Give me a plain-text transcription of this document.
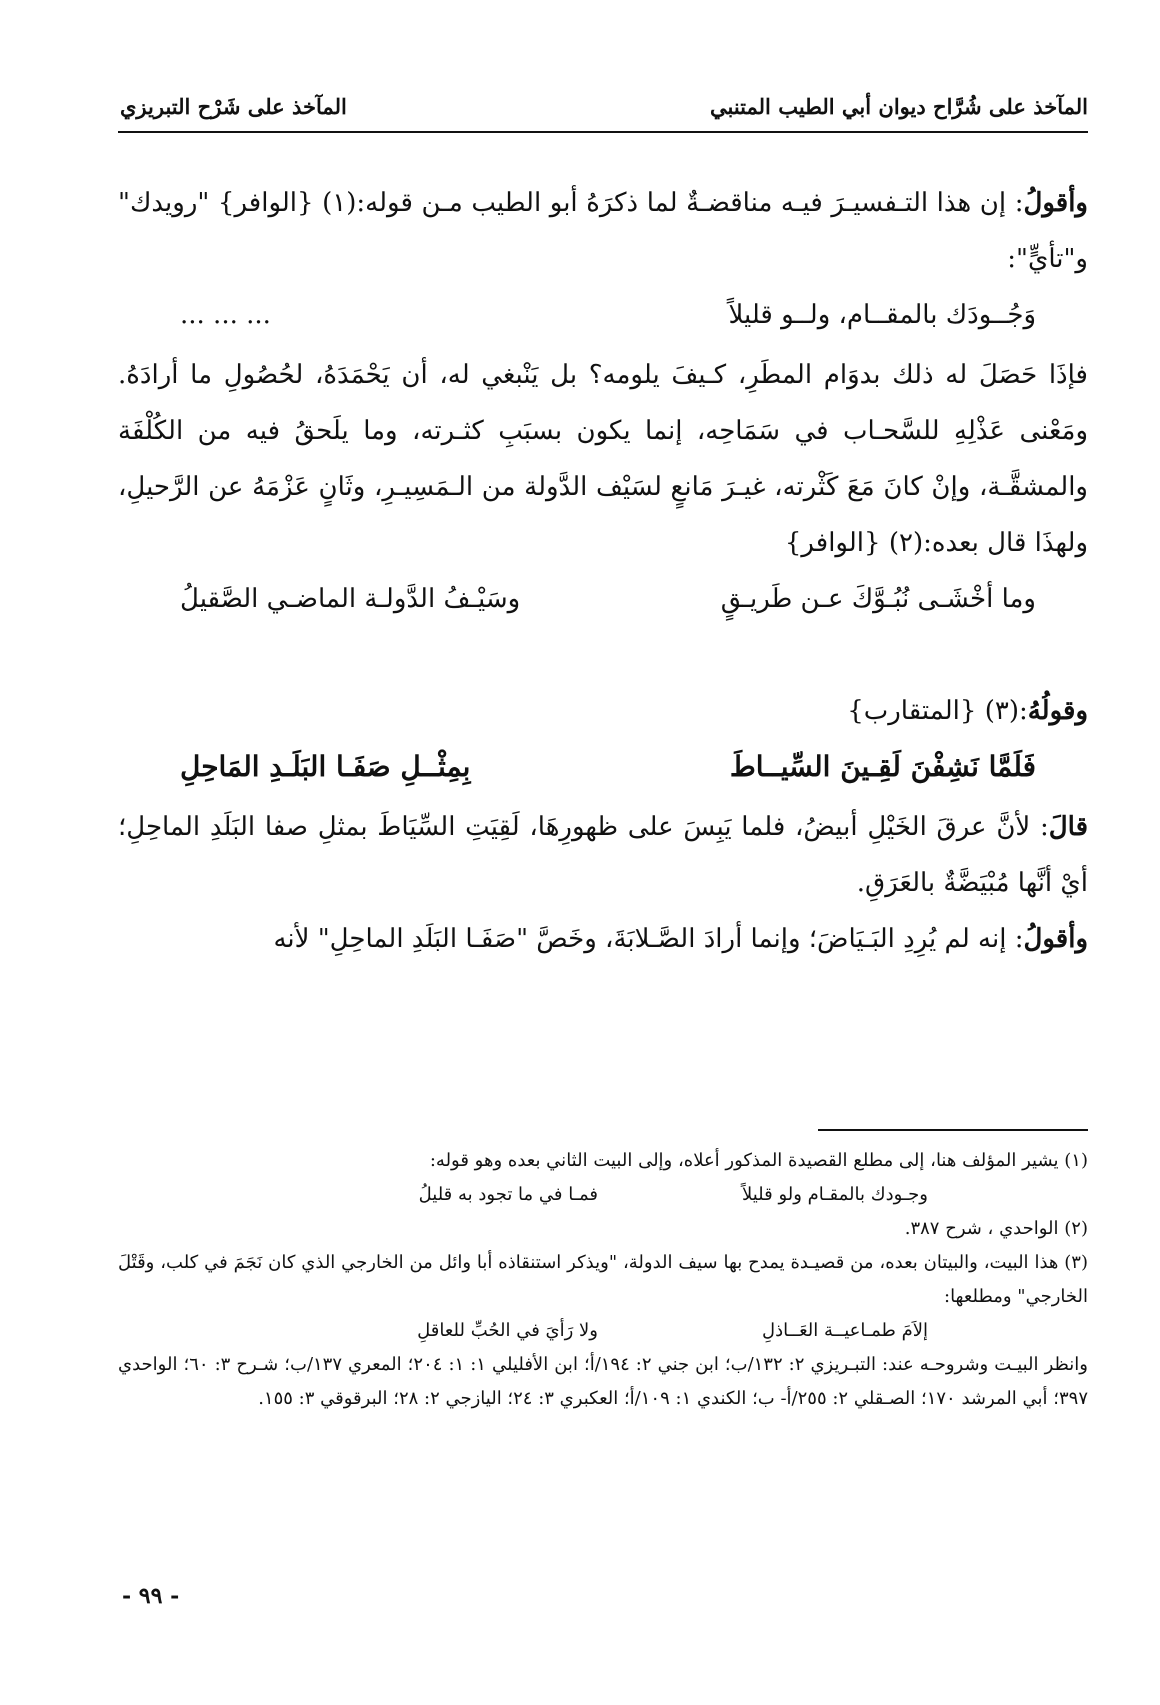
المآخذ على شُرَّاح ديوان أبي الطيب المتنبي
المآخذ على شَرْح التبريزي

وأقولُ: إن هذا التـفسيـرَ فيـه مناقضـةٌ لما ذكرَهُ أبو الطيب مـن قوله:(١) {الوافر} "رويدك" و"تأيٍّ":

وَجُــودَك بالمقــام، ولــو قليلاً
... ... ...

فإذَا حَصَلَ له ذلك بدوَام المطَرِ، كـيفَ يلومه؟ بل يَنْبغي له، أن يَحْمَدَهُ، لحُصُولِ ما أرادَهُ. ومَعْنى عَذْلِهِ للسَّحـاب في سَمَاحِه، إنما يكون بسبَبِ كثـرته، وما يلَحقُ فيه من الكُلْفَة والمشقَّـة، وإنْ كانَ مَعَ كَثْرته، غيـرَ مَانعٍ لسَيْف الدَّولة من الـمَسِيـرِ، وثَانٍ عَزْمَهُ عن الرَّحيلِ، ولهذَا قال بعده:(٢) {الوافر}

وما أخْشَـى نُبُـوَّكَ عـن طَريـقٍ
وسَيْـفُ الدَّولـة الماضـي الصَّقيلُ

وقولُهُ:(٣) {المتقارب}

فَلَمَّا نَشِفْنَ لَقِـينَ السِّيــاطَ
بِمِثْــلِ صَفَـا البَلَـدِ المَاحِلِ

قالَ: لأنَّ عرقَ الخَيْلِ أبيضُ، فلما يَبِسَ على ظهورِهَا، لَقِيَتِ السِّيَاطَ بمثلِ صفا البَلَدِ الماحِلِ؛ أيْ أنَّها مُبْيَضَّةٌ بالعَرَقِ.

وأقولُ: إنه لم يُرِدِ البَـيَاضَ؛ وإنما أرادَ الصَّـلابَةَ، وخَصَّ "صَفَـا البَلَدِ الماحِلِ" لأنه

(١) يشير المؤلف هنا، إلى مطلع القصيدة المذكور أعلاه، وإلى البيت الثاني بعده وهو قوله:

وجـودك بالمقـام ولو قليلاً
فمـا في ما تجود به قليلُ

(٢) الواحدي ، شرح ٣٨٧.

(٣) هذا البيت، والبيتان بعده، من قصيـدة يمدح بها سيف الدولة، "ويذكر استنقاذه أبا وائل من الخارجي الذي كان نَجَمَ في كلب، وقَتْلَ الخارجي" ومطلعها:

إلاَمَ طمـاعيــة العَــاذلِ
ولا رَأيَ في الحُبِّ للعاقلِ

وانظر البيـت وشروحـه عند: التبـريزي ٢: ١٣٢/ب؛ ابن جني ٢: ١٩٤/أ؛ ابن الأفليلي ١: ١: ٢٠٤؛ المعري ١٣٧/ب؛ شـرح ٣: ٦٠؛ الواحدي ٣٩٧؛ أبي المرشد ١٧٠؛ الصـقلي ٢: ٢٥٥/أ- ب؛ الكندي ١: ١٠٩/أ؛ العكبري ٣: ٢٤؛ اليازجي ٢: ٢٨؛ البرقوقي ٣: ١٥٥.

- ٩٩ -
